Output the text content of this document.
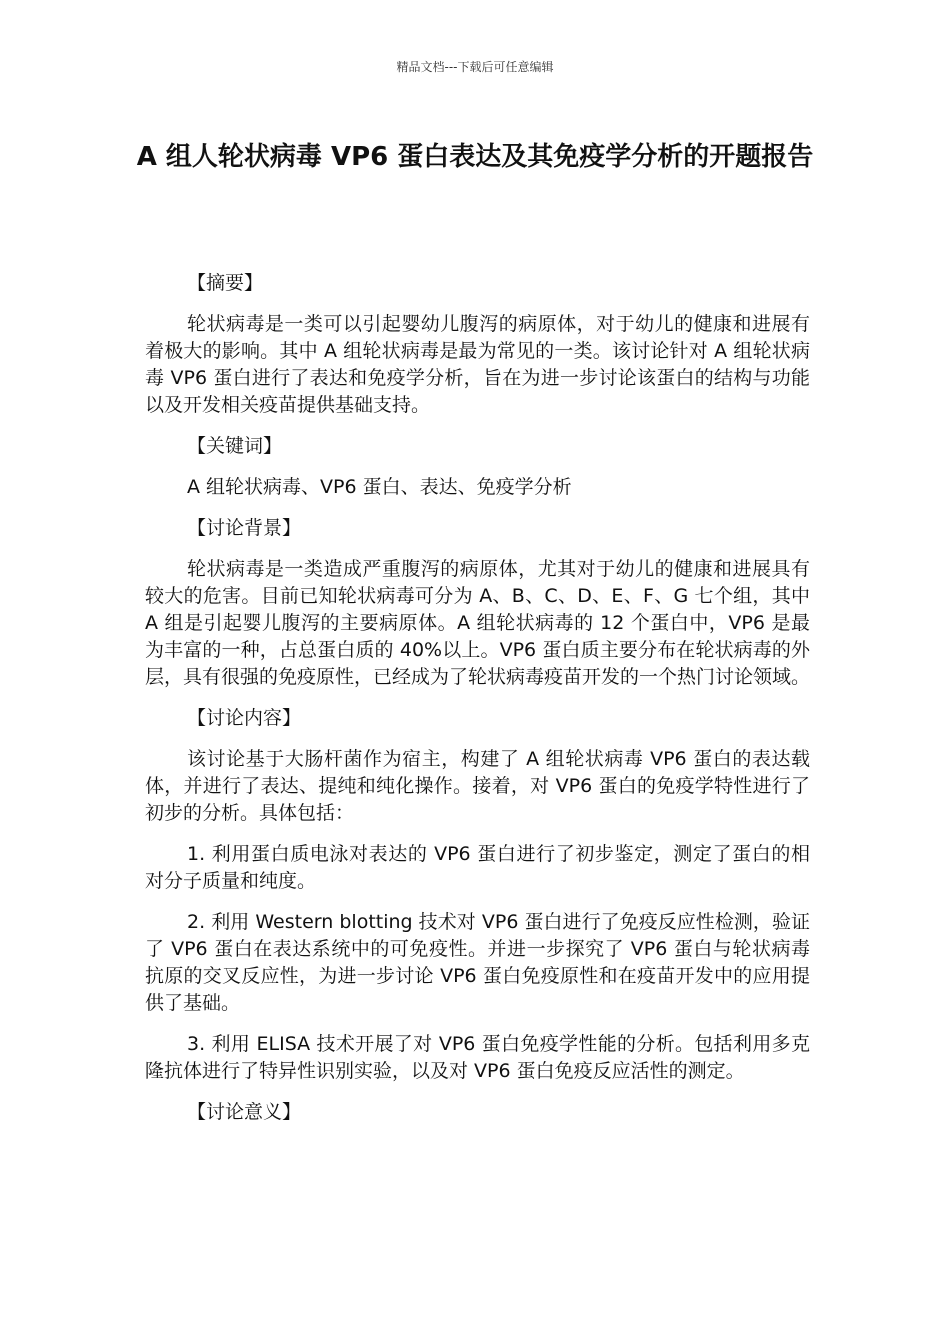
精品文档---下载后可任意编辑
A 组人轮状病毒 VP6 蛋白表达及其免疫学分析的开题报告
【摘要】

轮状病毒是一类可以引起婴幼儿腹泻的病原体，对于幼儿的健康和进展有着极大的影响。其中 A 组轮状病毒是最为常见的一类。该讨论针对 A 组轮状病毒 VP6 蛋白进行了表达和免疫学分析，旨在为进一步讨论该蛋白的结构与功能以及开发相关疫苗提供基础支持。

【关键词】
A 组轮状病毒、VP6 蛋白、表达、免疫学分析
【讨论背景】

轮状病毒是一类造成严重腹泻的病原体，尤其对于幼儿的健康和进展具有较大的危害。目前已知轮状病毒可分为 A、B、C、D、E、F、G 七个组，其中 A 组是引起婴儿腹泻的主要病原体。A 组轮状病毒的 12 个蛋白中，VP6 是最为丰富的一种，占总蛋白质的 40%以上。VP6 蛋白质主要分布在轮状病毒的外层，具有很强的免疫原性，已经成为了轮状病毒疫苗开发的一个热门讨论领域。

【讨论内容】

该讨论基于大肠杆菌作为宿主，构建了 A 组轮状病毒 VP6 蛋白的表达载体，并进行了表达、提纯和纯化操作。接着，对 VP6 蛋白的免疫学特性进行了初步的分析。具体包括：

1. 利用蛋白质电泳对表达的 VP6 蛋白进行了初步鉴定，测定了蛋白的相对分子质量和纯度。

2. 利用 Western blotting 技术对 VP6 蛋白进行了免疫反应性检测，验证了 VP6 蛋白在表达系统中的可免疫性。并进一步探究了 VP6 蛋白与轮状病毒抗原的交叉反应性，为进一步讨论 VP6 蛋白免疫原性和在疫苗开发中的应用提供了基础。

3. 利用 ELISA 技术开展了对 VP6 蛋白免疫学性能的分析。包括利用多克隆抗体进行了特异性识别实验，以及对 VP6 蛋白免疫反应活性的测定。

【讨论意义】
